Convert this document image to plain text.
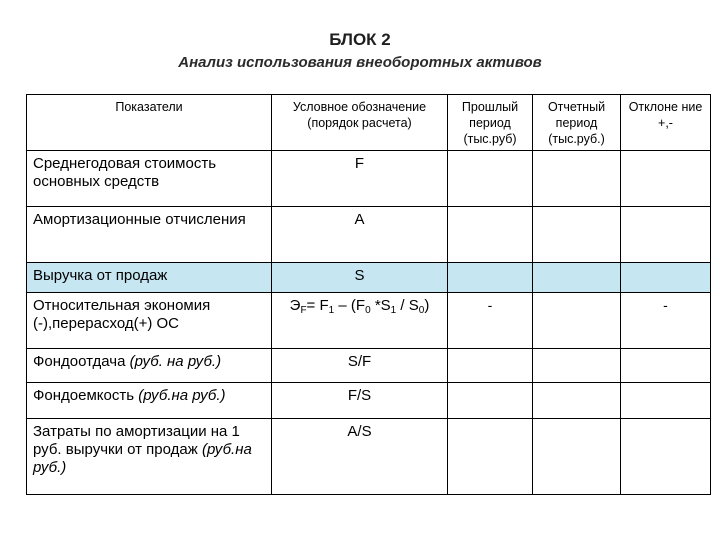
БЛОК 2
Анализ использования внеоборотных активов
Показатели	Условное обозначение (порядок расчета)	Прошлый период (тыс.руб)	Отчетный период (тыс.руб.)	Отклоне ние +,-
Среднегодовая стоимость основных средств	F			
Амортизационные отчисления	A			
Выручка от продаж	S			
Относительная экономия (-),перерасход(+) ОС	$Э_F= F_1 - (F_0$ $*S_1 / S_0$)	-		-
Фондоотдача (руб. на руб.)	S/F			
Фондоемкость (руб.на руб.)	F/S			
Затраты по амортизации на 1 руб. выручки от продаж (руб.на руб.)	A/S			
